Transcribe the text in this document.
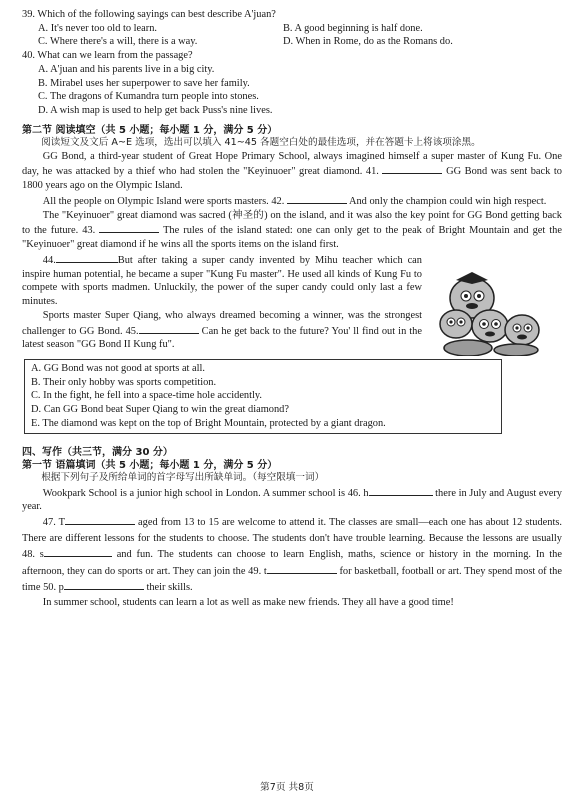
39. Which of the following sayings can best describe A'juan?
A. It's never too old to learn.	B. A good beginning is half done.
C. Where there's a will, there is a way.	D. When in Rome, do as the Romans do.
40. What can we learn from the passage?
A. A'juan and his parents live in a big city.
B. Mirabel uses her superpower to save her family.
C. The dragons of Kumandra turn people into stones.
D. A wish map is used to help get back Puss's nine lives.
第二节 阅读填空（共 5 小题；每小题 1 分，满分 5 分）
阅读短文及文后 A~E 选项，选出可以填入 41~45 各题空白处的最佳选项，并在答题卡上将该项涂黑。

GG Bond, a third-year student of Great Hope Primary School, always imagined himself a super master of Kung Fu. One day, he was attacked by a thief who had stolen the "Keyinuoer" great diamond. 41.	GG Bond was sent back to 1800 years ago on the Olympic Island.

All the people on Olympic Island were sports masters. 42.	And only the champion could win high respect.

The "Keyinuoer" great diamond was sacred (神圣的) on the island, and it was also the key point for GG Bond getting back to the future. 43.	The rules of the island stated: one can only get to the peak of Bright Mountain and get the "Keyinuoer" great diamond if he wins all the sports items on the island first.

44.	But after taking a super candy invented by Mihu teacher which can inspire human potential, he became a super "Kung Fu master". He used all kinds of Kung Fu to compete with sports madmen. Unluckily, the power of the super candy could only last a few minutes.

Sports master Super Qiang, who always dreamed becoming a winner, was the strongest challenger to GG Bond. 45.	Can he get back to the future? You' ll find out in the latest season "GG Bond II Kung fu".

A. GG Bond was not good at sports at all.
B. Their only hobby was sports competition.
C. In the fight, he fell into a space-time hole accidently.
D. Can GG Bond beat Super Qiang to win the great diamond?
E. The diamond was kept on the top of Bright Mountain, protected by a giant dragon.
四、写作（共三节，满分 30 分）
第一节 语篇填词（共 5 小题；每小题 1 分，满分 5 分）
根据下列句子及所给单词的首字母写出所缺单词。（每空限填一词）

Wookpark School is a junior high school in London. A summer school is 46. h	there in July and August every year.

47. T	aged from 13 to 15 are welcome to attend it. The classes are small—each one has about 12 students. There are different lessons for the students to choose. The students don't have trouble learning. Because the lessons are usually 48. s	and fun. The students can choose to learn English, maths, science or history in the morning. In the afternoon, they can do sports or art. They can join the 49. t	for basketball, football or art. They spend most of the time 50. p	their skills.

In summer school, students can learn a lot as well as make new friends. They all have a good time!

第7页 共8页
